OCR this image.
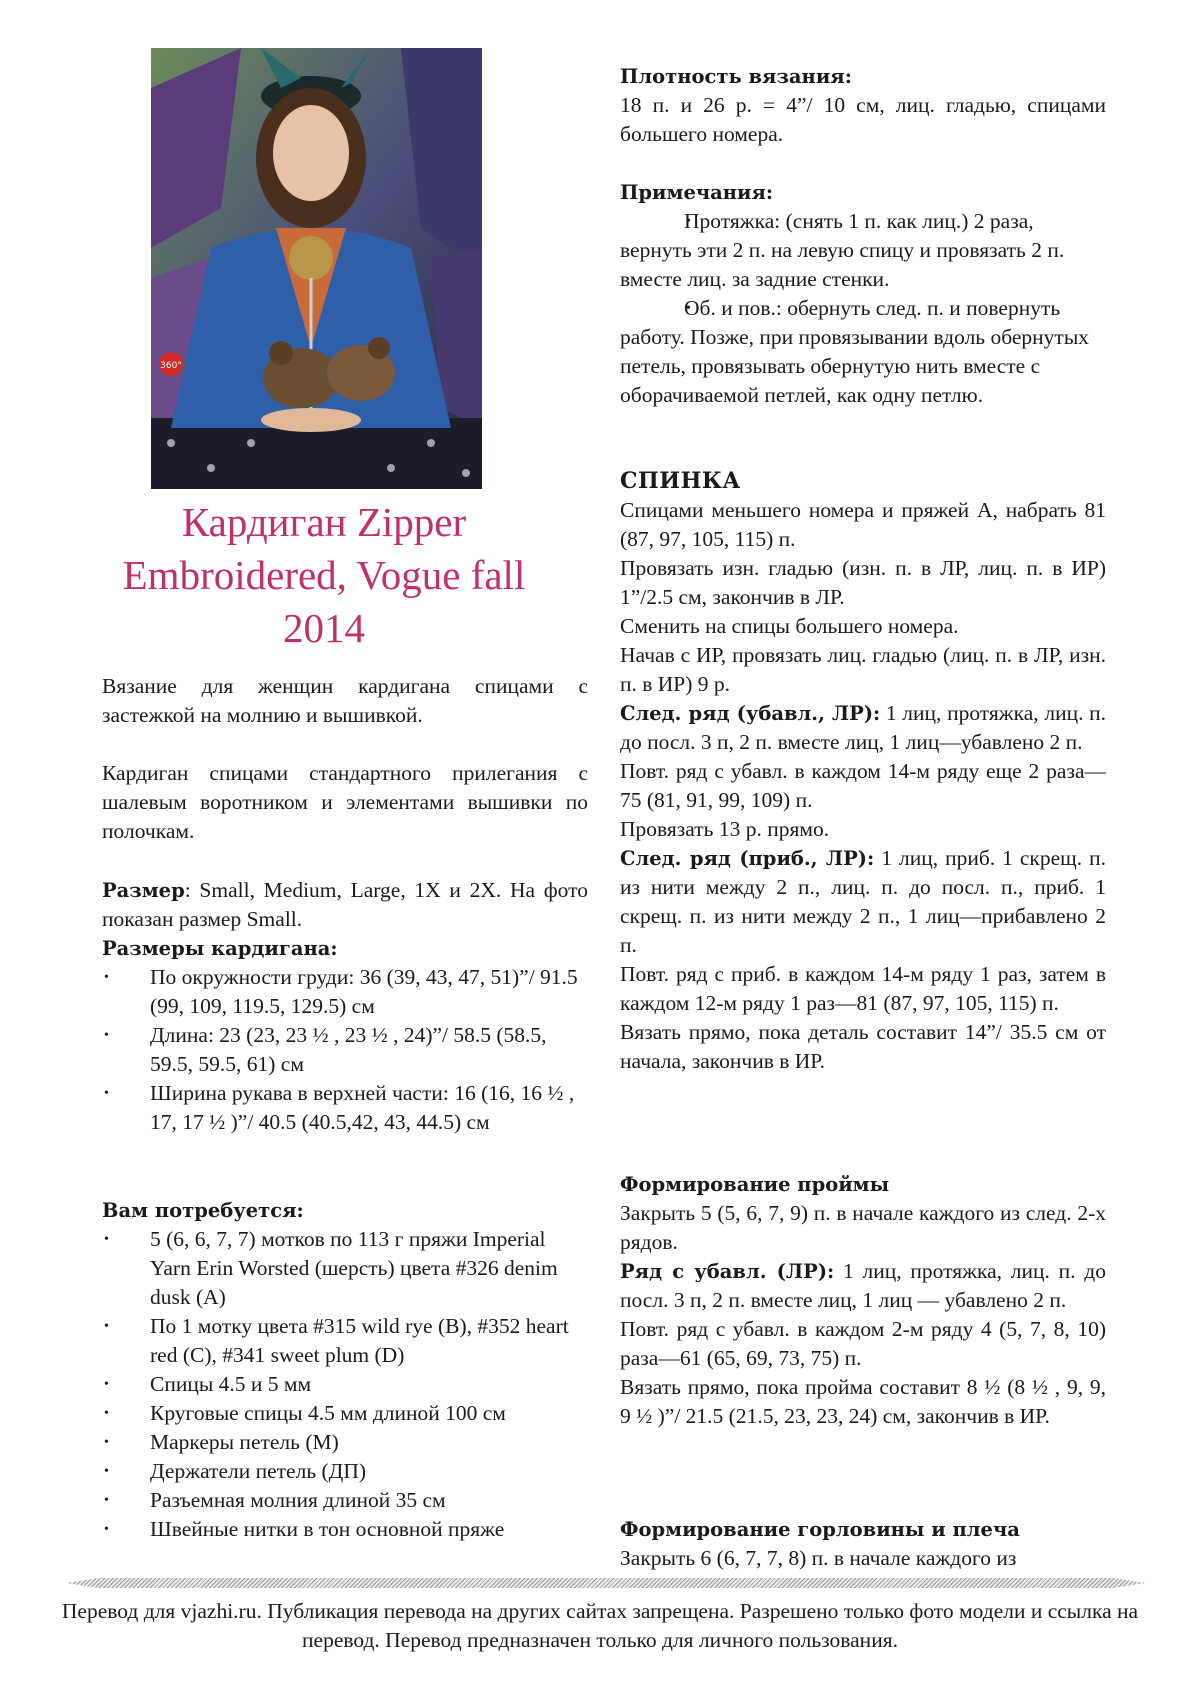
360°
Кардиган Zipper Embroidered, Vogue fall 2014

Вязание для женщин кардигана спицами с застежкой на молнию и вышивкой.

Кардиган спицами стандартного прилегания с шалевым воротником и элементами вышивки по полочкам.

Размер: Small, Medium, Large, 1X и 2X. На фото показан размер Small.

Размеры кардигана:
• По окружности груди: 36 (39, 43, 47, 51)”/ 91.5 (99, 109, 119.5, 129.5) см
• Длина: 23 (23, 23 ½ , 23 ½ , 24)”/ 58.5 (58.5, 59.5, 59.5, 61) см
• Ширина рукава в верхней части: 16 (16, 16 ½ , 17, 17 ½ )”/ 40.5 (40.5,42, 43, 44.5) см
Вам потребуется:
• 5 (6, 6, 7, 7) мотков по 113 г пряжи Imperial Yarn Erin Worsted (шерсть) цвета #326 denim dusk (A)
• По 1 мотку цвета #315 wild rye (B), #352 heart red (C), #341 sweet plum (D)
• Спицы 4.5 и 5 мм
• Круговые спицы 4.5 мм длиной 100 см
• Маркеры петель (М)
• Держатели петель (ДП)
• Разъемная молния длиной 35 см
• Швейные нитки в тон основной пряже
Плотность вязания:

18 п. и 26 р. = 4”/ 10 см, лиц. гладью, спицами большего номера.

Примечания:
• Протяжка: (снять 1 п. как лиц.) 2 раза, вернуть эти 2 п. на левую спицу и провязать 2 п. вместе лиц. за задние стенки.
• Об. и пов.: обернуть след. п. и повернуть работу. Позже, при провязывании вдоль обернутых петель, провязывать обернутую нить вместе с оборачиваемой петлей, как одну петлю.
СПИНКА

Спицами меньшего номера и пряжей А, набрать 81 (87, 97, 105, 115) п.

Провязать изн. гладью (изн. п. в ЛР, лиц. п. в ИР) 1”/2.5 см, закончив в ЛР.

Сменить на спицы большего номера.

Начав с ИР, провязать лиц. гладью (лиц. п. в ЛР, изн. п. в ИР) 9 р.

След. ряд (убавл., ЛР): 1 лиц, протяжка, лиц. п. до посл. 3 п, 2 п. вместе лиц, 1 лиц—убавлено 2 п.

Повт. ряд с убавл. в каждом 14-м ряду еще 2 раза—75 (81, 91, 99, 109) п.

Провязать 13 р. прямо.

След. ряд (приб., ЛР): 1 лиц, приб. 1 скрещ. п. из нити между 2 п., лиц. п. до посл. п., приб. 1 скрещ. п. из нити между 2 п., 1 лиц—прибавлено 2 п.

Повт. ряд с приб. в каждом 14-м ряду 1 раз, затем в каждом 12-м ряду 1 раз—81 (87, 97, 105, 115) п.

Вязать прямо, пока деталь составит 14”/ 35.5 см от начала, закончив в ИР.

Формирование проймы

Закрыть 5 (5, 6, 7, 9) п. в начале каждого из след. 2-х рядов.

Ряд с убавл. (ЛР): 1 лиц, протяжка, лиц. п. до посл. 3 п, 2 п. вместе лиц, 1 лиц — убавлено 2 п.

Повт. ряд с убавл. в каждом 2-м ряду 4 (5, 7, 8, 10) раза—61 (65, 69, 73, 75) п.

Вязать прямо, пока пройма составит 8 ½ (8 ½ , 9, 9, 9 ½ )”/ 21.5 (21.5, 23, 23, 24) см, закончив в ИР.

Формирование горловины и плеча

Закрыть 6 (6, 7, 7, 8) п. в начале каждого из

Перевод для vjazhi.ru. Публикация перевода на других сайтах запрещена. Разрешено только фото модели и ссылка на перевод. Перевод предназначен только для личного пользования.
